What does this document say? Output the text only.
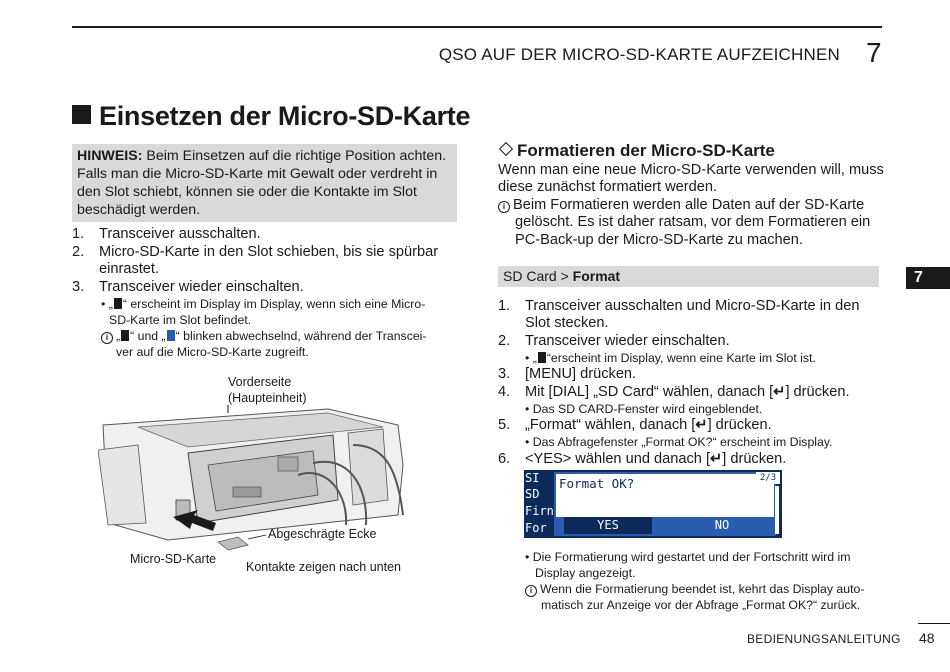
QSO AUF DER MICRO-SD-KARTE AUFZEICHNEN 7
Einsetzen der Micro-SD-Karte
HINWEIS: Beim Einsetzen auf die richtige Position achten. Falls man die Micro-SD-Karte mit Gewalt oder verdreht in den Slot schiebt, können sie oder die Kontakte im Slot beschädigt werden.
1. Transceiver ausschalten.
2. Micro-SD-Karte in den Slot schieben, bis sie spürbar
einrastet.
3. Transceiver wieder einschalten.
• „ “ erscheint im Display im Display, wenn sich eine Micro-
SD-Karte im Slot befindet.
i „ “ und „ “ blinken abwechselnd, während der Transcei-
ver auf die Micro-SD-Karte zugreift.
Vorderseite
(Haupteinheit)
Abgeschrägte Ecke
Micro-SD-Karte
Kontakte zeigen nach unten
Formatieren der Micro-SD-Karte
Wenn man eine neue Micro-SD-Karte verwenden will, muss
diese zunächst formatiert werden.
i Beim Formatieren werden alle Daten auf der SD-Karte
gelöscht. Es ist daher ratsam, vor dem Formatieren ein
PC-Back-up der Micro-SD-Karte zu machen.
SD Card > Format	7
1. Transceiver ausschalten und Micro-SD-Karte in den
Slot stecken.
2. Transceiver wieder einschalten.
• „ “erscheint im Display, wenn eine Karte im Slot ist.
3. [MENU] drücken.
4. Mit [DIAL] „SD Card“ wählen, danach [↵] drücken.
• Das SD CARD-Fenster wird eingeblendet.
5. „Format“ wählen, danach [↵] drücken.
• Das Abfragefenster „Format OK?“ erscheint im Display.
6. <YES> wählen und danach [↵] drücken.
SI
SD
Firn
For
Format OK?
YES	NO
2/3
▶
▶
• Die Formatierung wird gestartet und der Fortschritt wird im
Display angezeigt.
i Wenn die Formatierung beendet ist, kehrt das Display auto-
matisch zur Anzeige vor der Abfrage „Format OK?“ zurück.
BEDIENUNGSANLEITUNG 48
